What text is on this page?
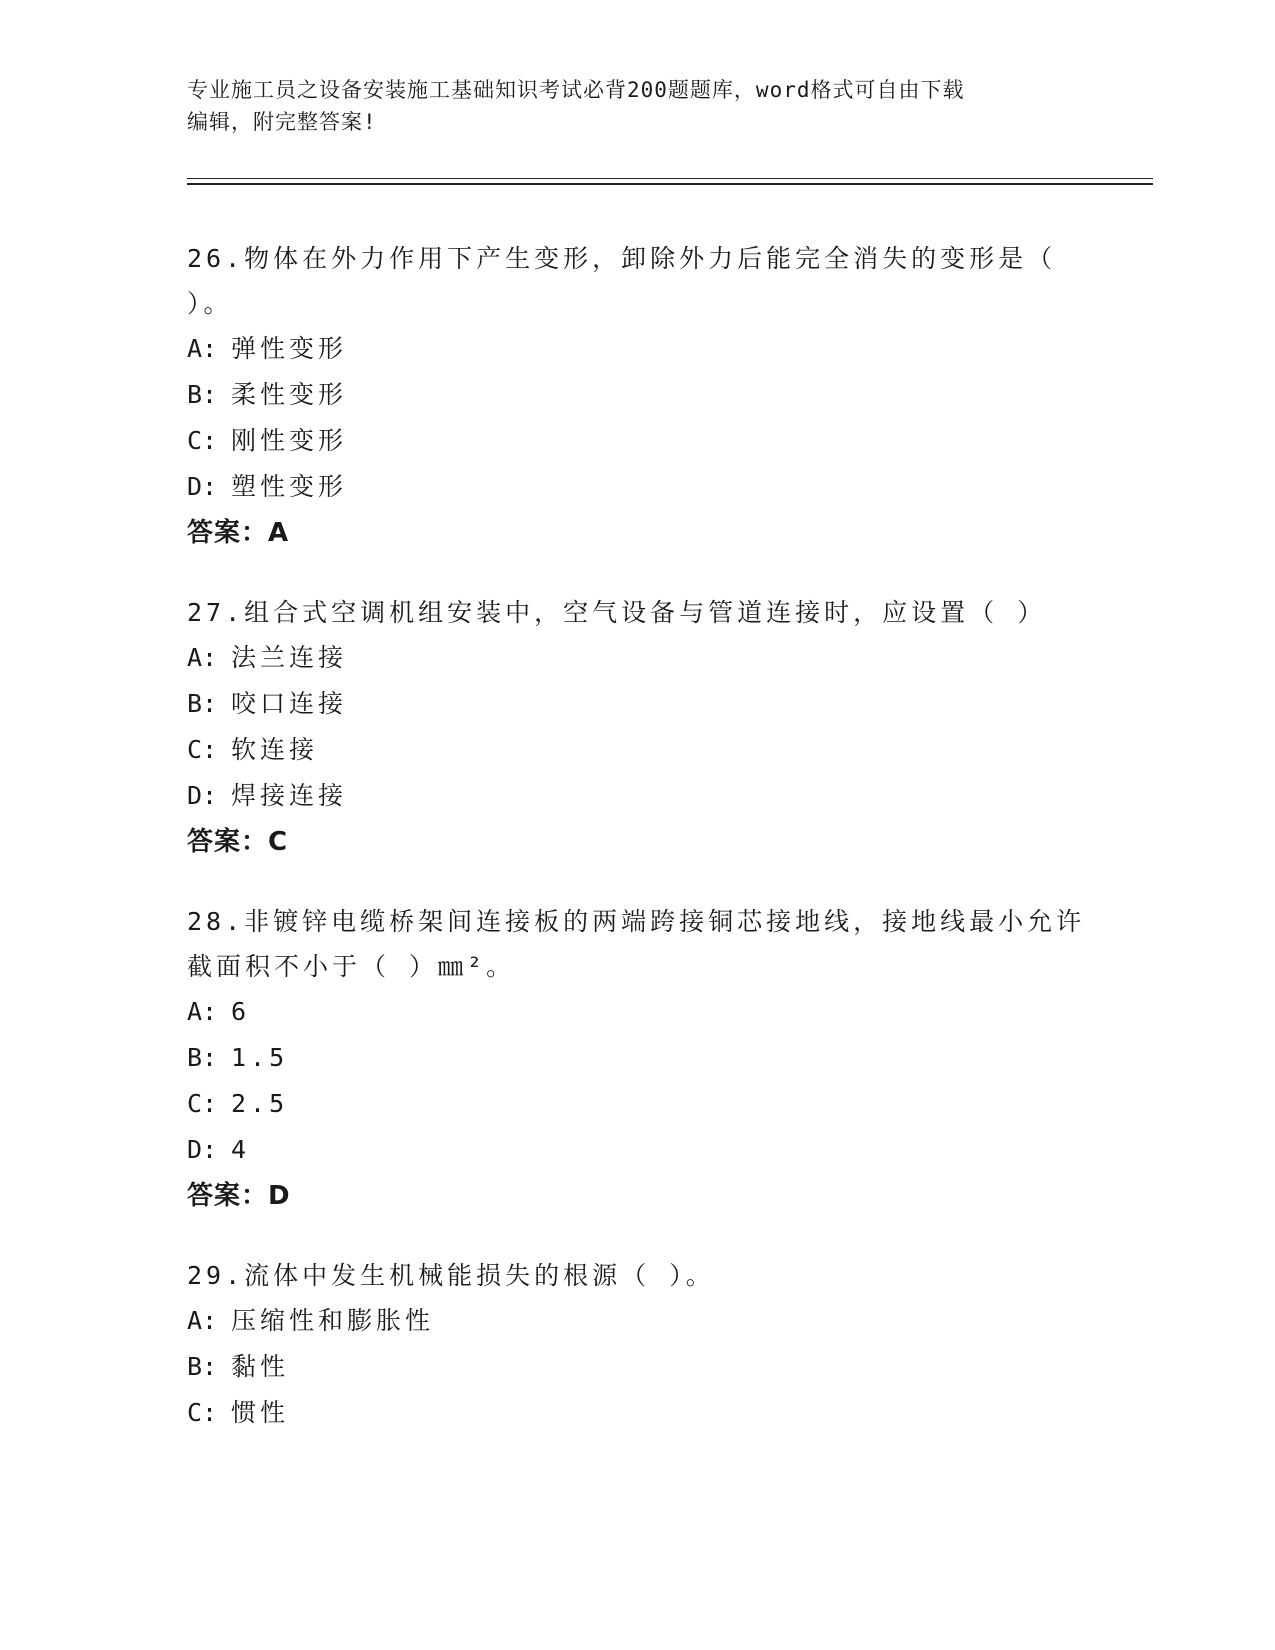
专业施工员之设备安装施工基础知识考试必背200题题库，word格式可自由下载
编辑，附完整答案!
26.物体在外力作用下产生变形，卸除外力后能完全消失的变形是（
）。
A: 弹性变形
B: 柔性变形
C: 刚性变形
D: 塑性变形
答案：A
27.组合式空调机组安装中，空气设备与管道连接时，应设置（ ）
A: 法兰连接
B: 咬口连接
C: 软连接
D: 焊接连接
答案：C
28.非镀锌电缆桥架间连接板的两端跨接铜芯接地线，接地线最小允许
截面积不小于（ ）㎜²。
A: 6
B: 1.5
C: 2.5
D: 4
答案：D
29.流体中发生机械能损失的根源（ ）。
A: 压缩性和膨胀性
B: 黏性
C: 惯性
